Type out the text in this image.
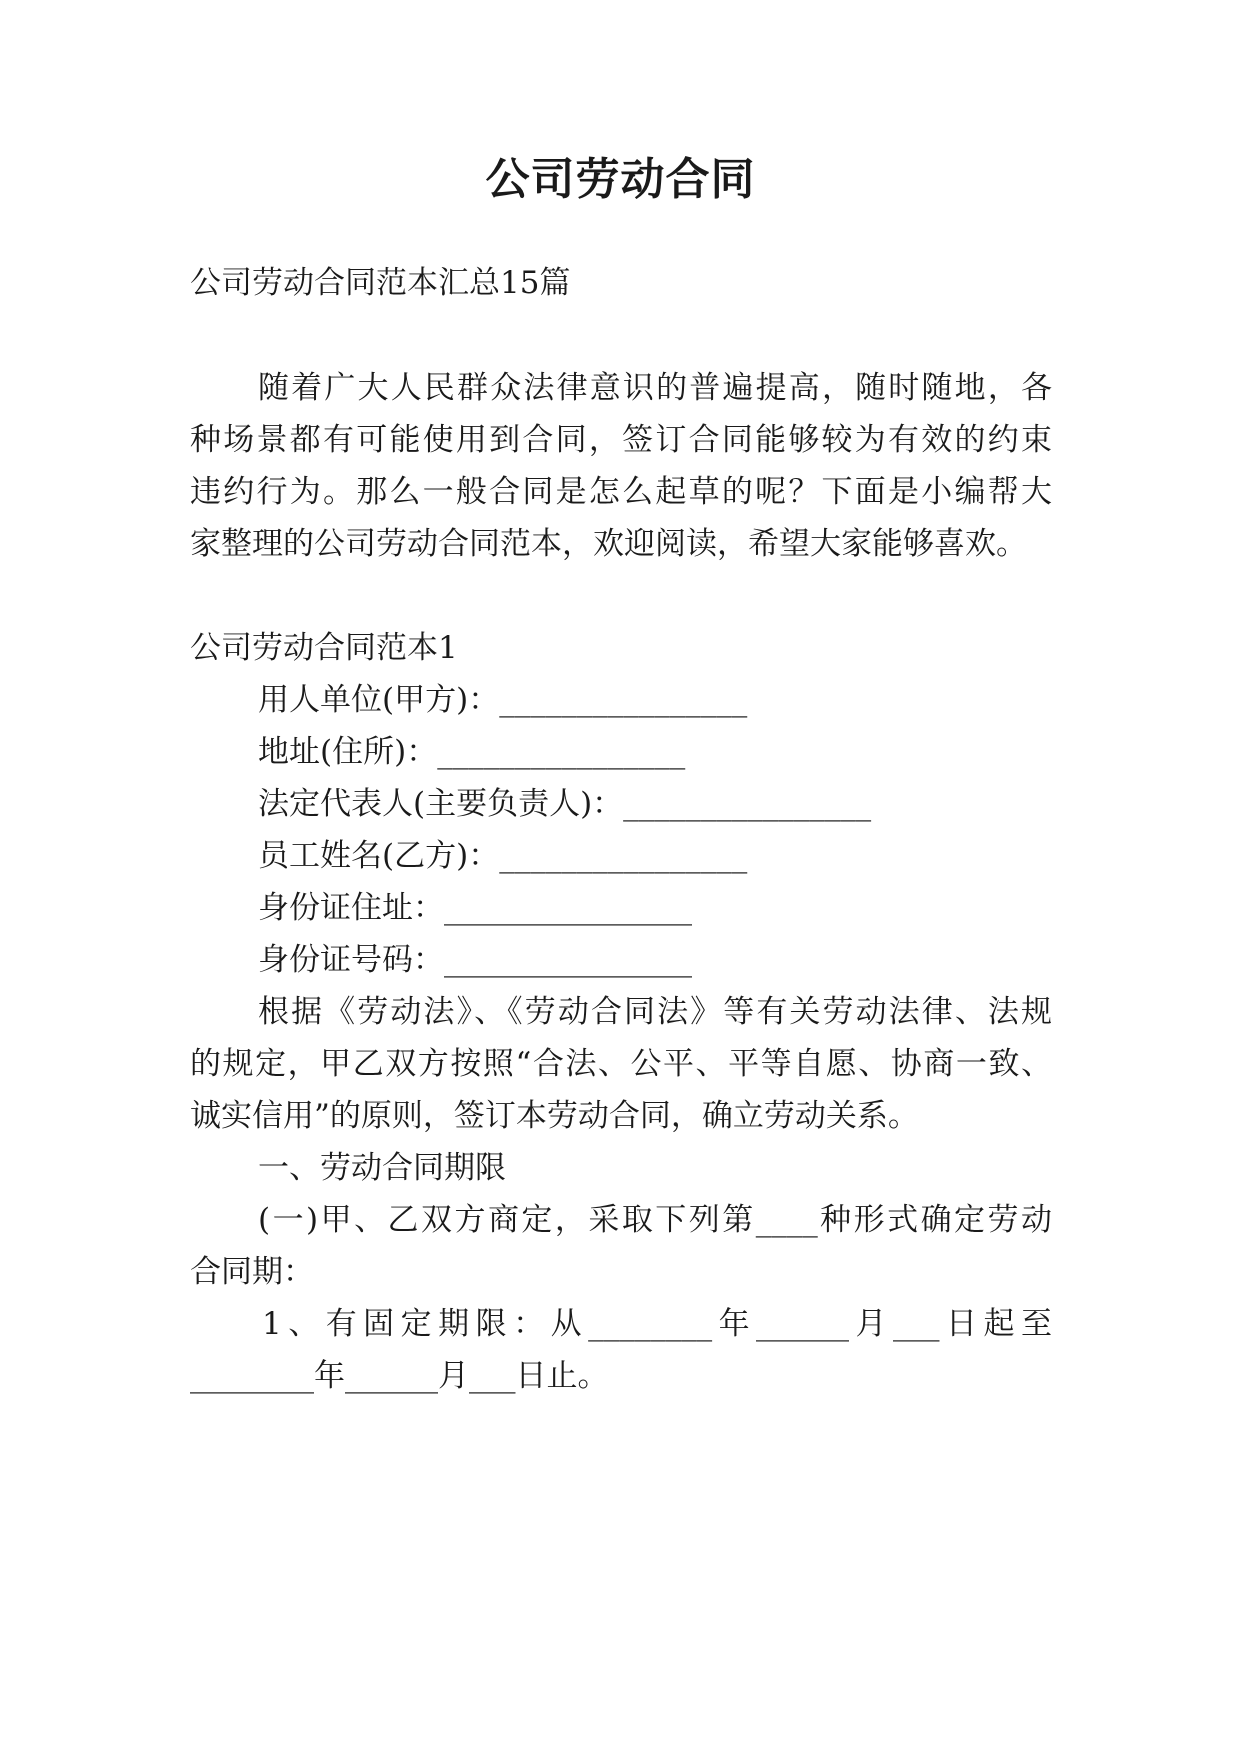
公司劳动合同
公司劳动合同范本汇总15篇
随着广大人民群众法律意识的普遍提高，随时随地，各
种场景都有可能使用到合同，签订合同能够较为有效的约束
违约行为。那么一般合同是怎么起草的呢？下面是小编帮大
家整理的公司劳动合同范本，欢迎阅读，希望大家能够喜欢。
公司劳动合同范本1
用人单位(甲方)：________________
地址(住所)：________________
法定代表人(主要负责人)：________________
员工姓名(乙方)：________________
身份证住址：________________
身份证号码：________________
根据《劳动法》、《劳动合同法》等有关劳动法律、法规
的规定，甲乙双方按照“合法、公平、平等自愿、协商一致、
诚实信用”的原则，签订本劳动合同，确立劳动关系。
一、劳动合同期限
(一)甲、乙双方商定，采取下列第____种形式确定劳动
合同期：
1、有固定期限：从________年______月___日起至
________年______月___日止。
